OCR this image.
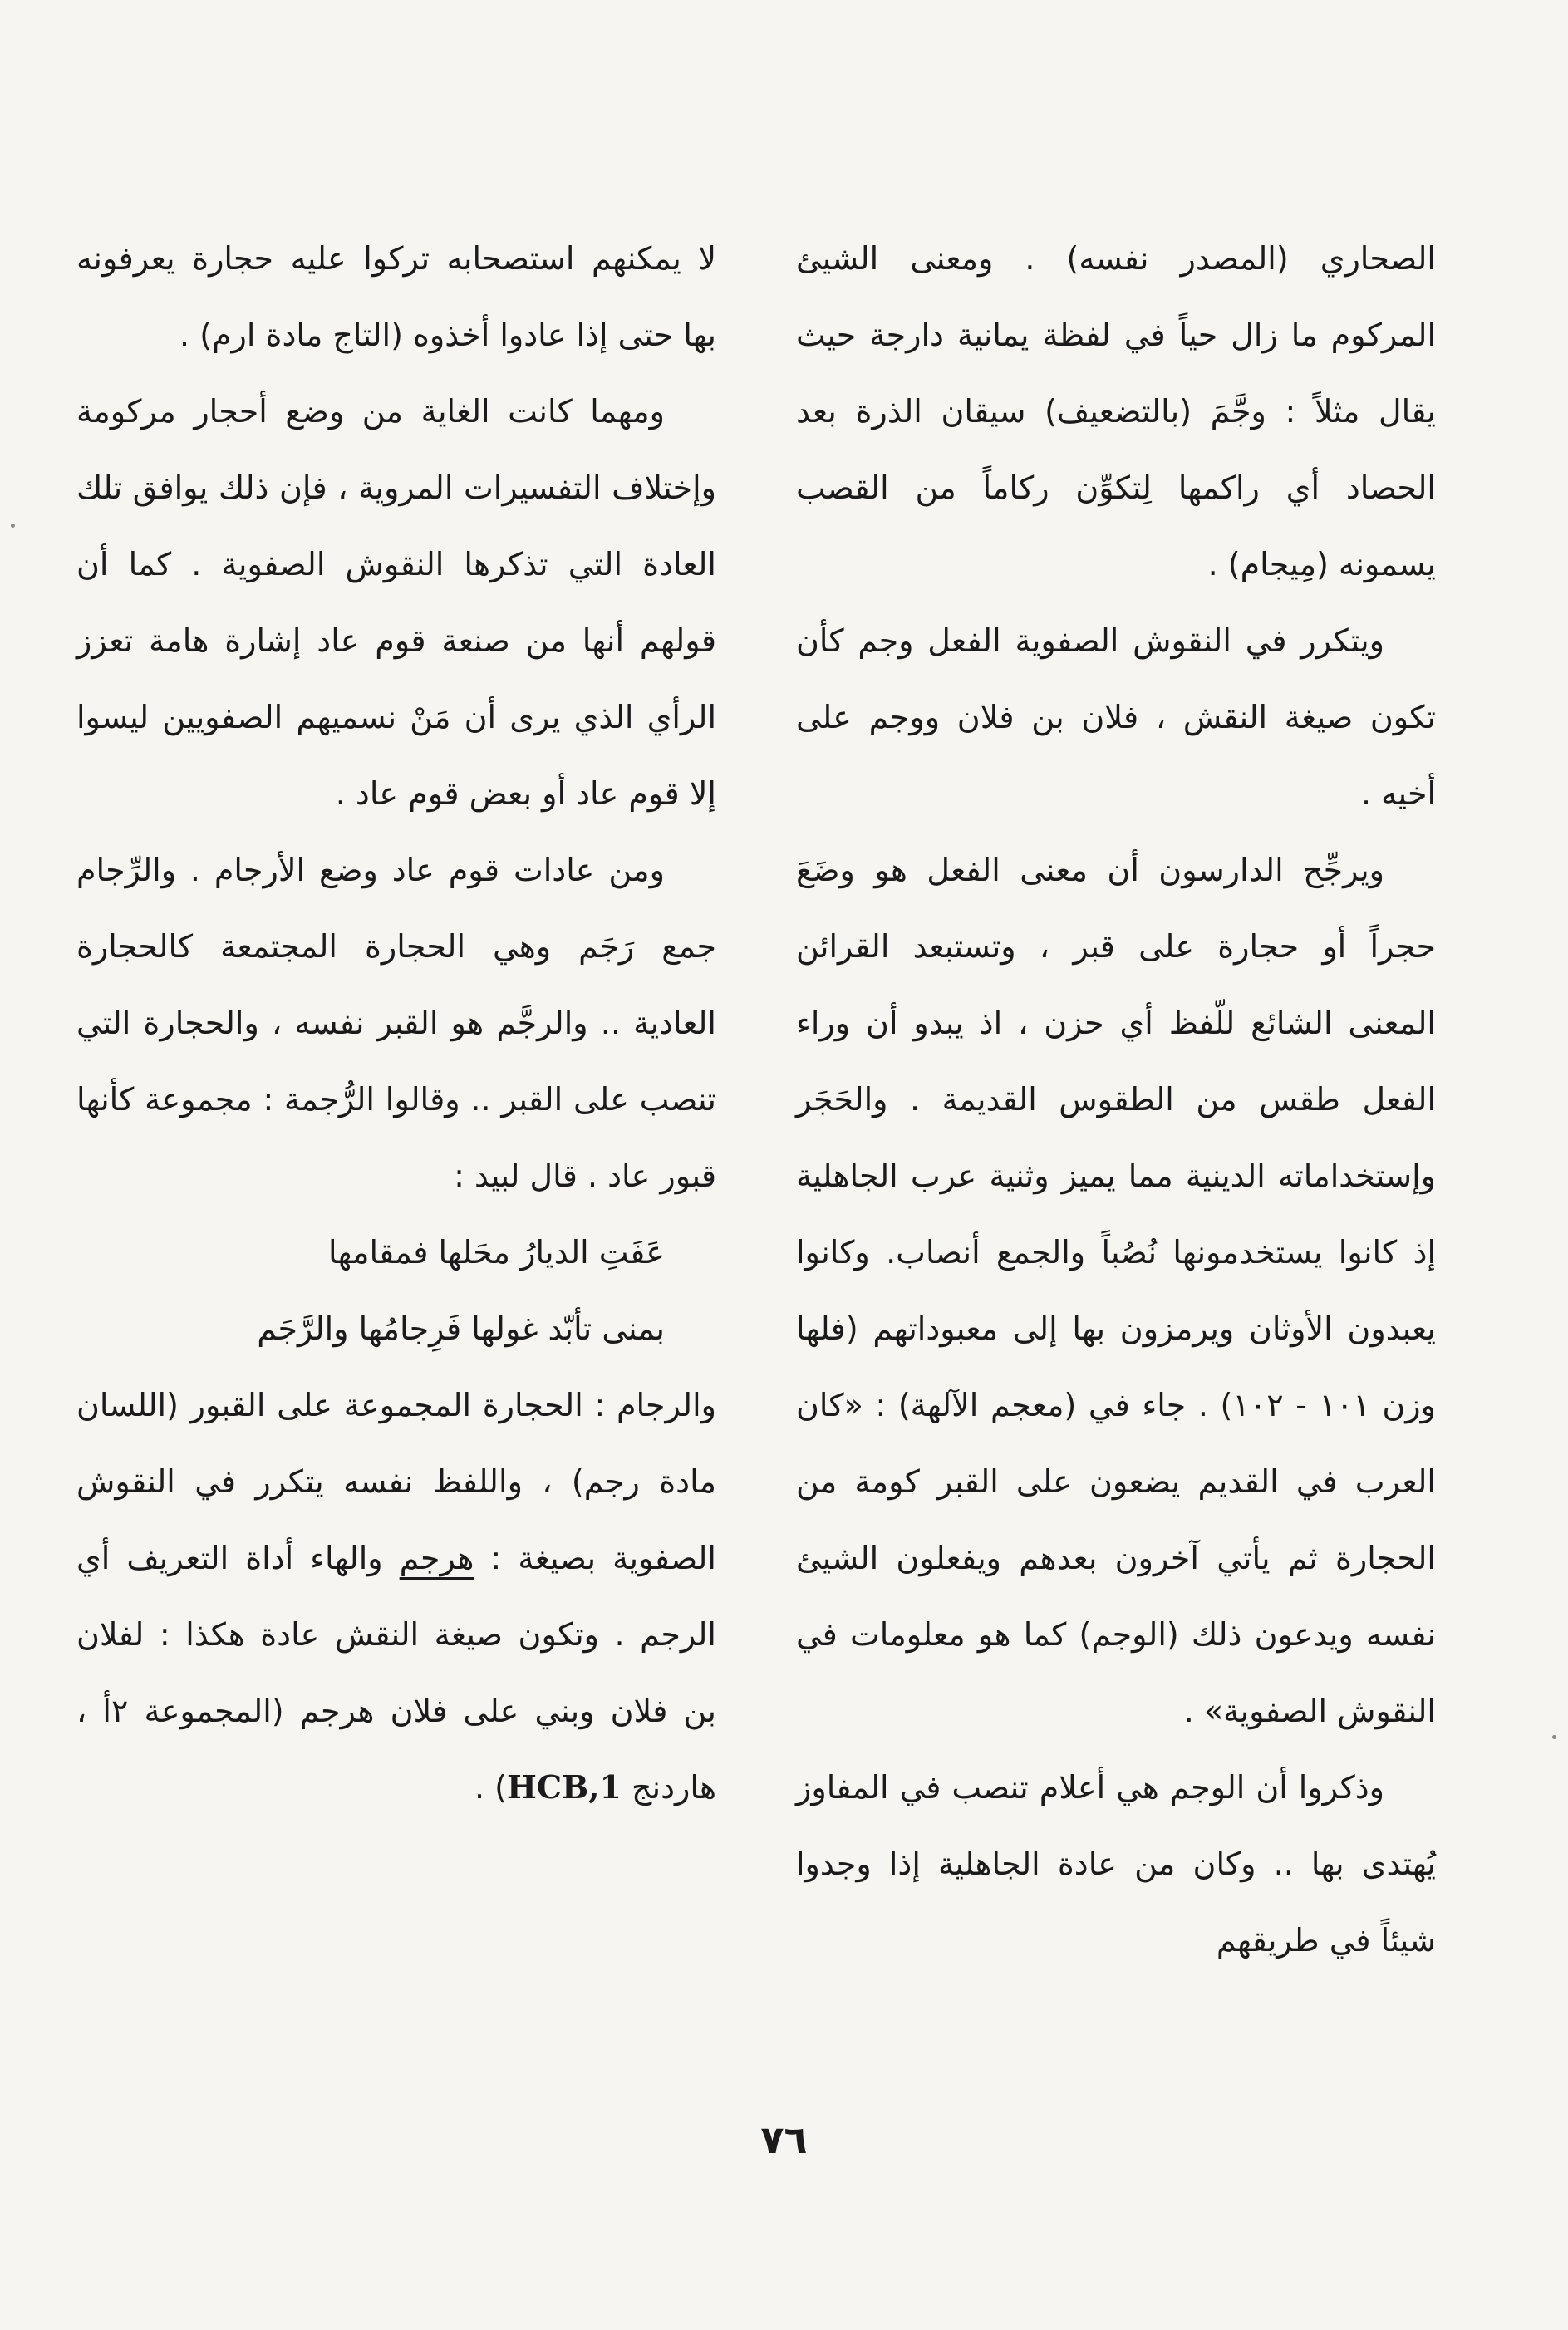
الصحاري (المصدر نفسه) . ومعنى الشيئ المركوم ما زال حياً في لفظة يمانية دارجة حيث يقال مثلاً : وجَّمَ (بالتضعيف) سيقان الذرة بعد الحصاد أي راكمها لِتكوِّن ركاماً من القصب يسمونه (مِيجام) .

ويتكرر في النقوش الصفوية الفعل وجم كأن تكون صيغة النقش ، فلان بن فلان ووجم على أخيه .

ويرجِّح الدارسون أن معنى الفعل هو وضَعَ حجراً أو حجارة على قبر ، وتستبعد القرائن المعنى الشائع للّفظ أي حزن ، اذ يبدو أن وراء الفعل طقس من الطقوس القديمة . والحَجَر وإستخداماته الدينية مما يميز وثنية عرب الجاهلية إذ كانوا يستخدمونها نُصُباً والجمع أنصاب. وكانوا يعبدون الأوثان ويرمزون بها إلى معبوداتهم (فلها وزن ١٠١ - ١٠٢) . جاء في (معجم الآلهة) : «كان العرب في القديم يضعون على القبر كومة من الحجارة ثم يأتي آخرون بعدهم ويفعلون الشيئ نفسه ويدعون ذلك (الوجم) كما هو معلومات في النقوش الصفوية» .

وذكروا أن الوجم هي أعلام تنصب في المفاوز يُهتدى بها .. وكان من عادة الجاهلية إذا وجدوا شيئاً في طريقهم

لا يمكنهم استصحابه تركوا عليه حجارة يعرفونه بها حتى إذا عادوا أخذوه (التاج مادة ارم) .

ومهما كانت الغاية من وضع أحجار مركومة وإختلاف التفسيرات المروية ، فإن ذلك يوافق تلك العادة التي تذكرها النقوش الصفوية . كما أن قولهم أنها من صنعة قوم عاد إشارة هامة تعزز الرأي الذي يرى أن مَنْ نسميهم الصفويين ليسوا إلا قوم عاد أو بعض قوم عاد .

ومن عادات قوم عاد وضع الأرجام . والرِّجام جمع رَجَم وهي الحجارة المجتمعة كالحجارة العادية .. والرجَّم هو القبر نفسه ، والحجارة التي تنصب على القبر .. وقالوا الرُّجمة : مجموعة كأنها قبور عاد . قال لبيد :

عَفَتِ الديارُ محَلها فمقامها

بمنى تأبّد غولها فَرِجامُها والرَّجَم

والرجام : الحجارة المجموعة على القبور (اللسان مادة رجم) ، واللفظ نفسه يتكرر في النقوش الصفوية بصيغة : هرجم والهاء أداة التعريف أي الرجم . وتكون صيغة النقش عادة هكذا : لفلان بن فلان وبني على فلان هرجم (المجموعة ٢أ ، هاردنج HCB,1) .

٧٦
